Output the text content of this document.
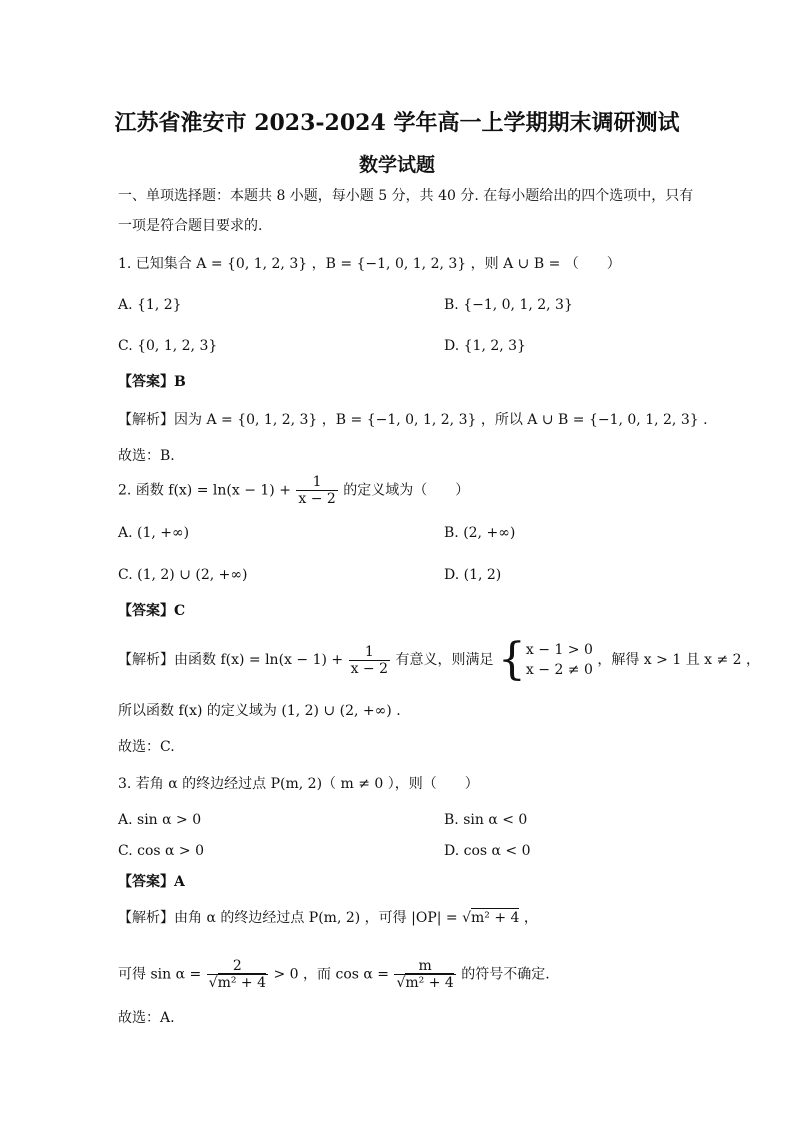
江苏省淮安市 2023-2024 学年高一上学期期末调研测试
数学试题
一、单项选择题：本题共 8 小题，每小题 5 分，共 40 分. 在每小题给出的四个选项中，只有
一项是符合题目要求的.
1. 已知集合 A = {0, 1, 2, 3} ，B = {−1, 0, 1, 2, 3} ，则 A ∪ B = （　　）
A. {1, 2}	B. {−1, 0, 1, 2, 3}
C. {0, 1, 2, 3}	D. {1, 2, 3}
【答案】B
【解析】因为 A = {0, 1, 2, 3} ，B = {−1, 0, 1, 2, 3} ，所以 A ∪ B = {−1, 0, 1, 2, 3} .
故选：B.
2. 函数 $f(x) = \ln(x - 1) + \frac{1}{x - 2}$ 的定义域为（　　）
A. (1, +∞)	B. (2, +∞)
C. (1, 2) ∪ (2, +∞)	D. (1, 2)
【答案】C
【解析】由函数 $f(x) = \ln(x - 1) + \frac{1}{x - 2}$ 有意义，则满足 { x − 1 > 0
x − 2 ≠ 0
，解得 x > 1 且 x ≠ 2 ，
所以函数 f(x) 的定义域为 (1, 2) ∪ (2, +∞) .
故选：C.
3. 若角 α 的终边经过点 P(m, 2)（ m ≠ 0 ），则（　　）
A. sin α > 0	B. sin α < 0
C. cos α > 0	D. cos α < 0
【答案】A
【解析】由角 α 的终边经过点 P(m, 2) ，可得 |OP| = √m² + 4 ，
可得 $\sin \alpha = \frac{2}{\text{√m² + 4}} > 0$ ，而 $\cos \alpha = \frac{m}{\text{√m² + 4}}$ 的符号不确定.
故选：A.
